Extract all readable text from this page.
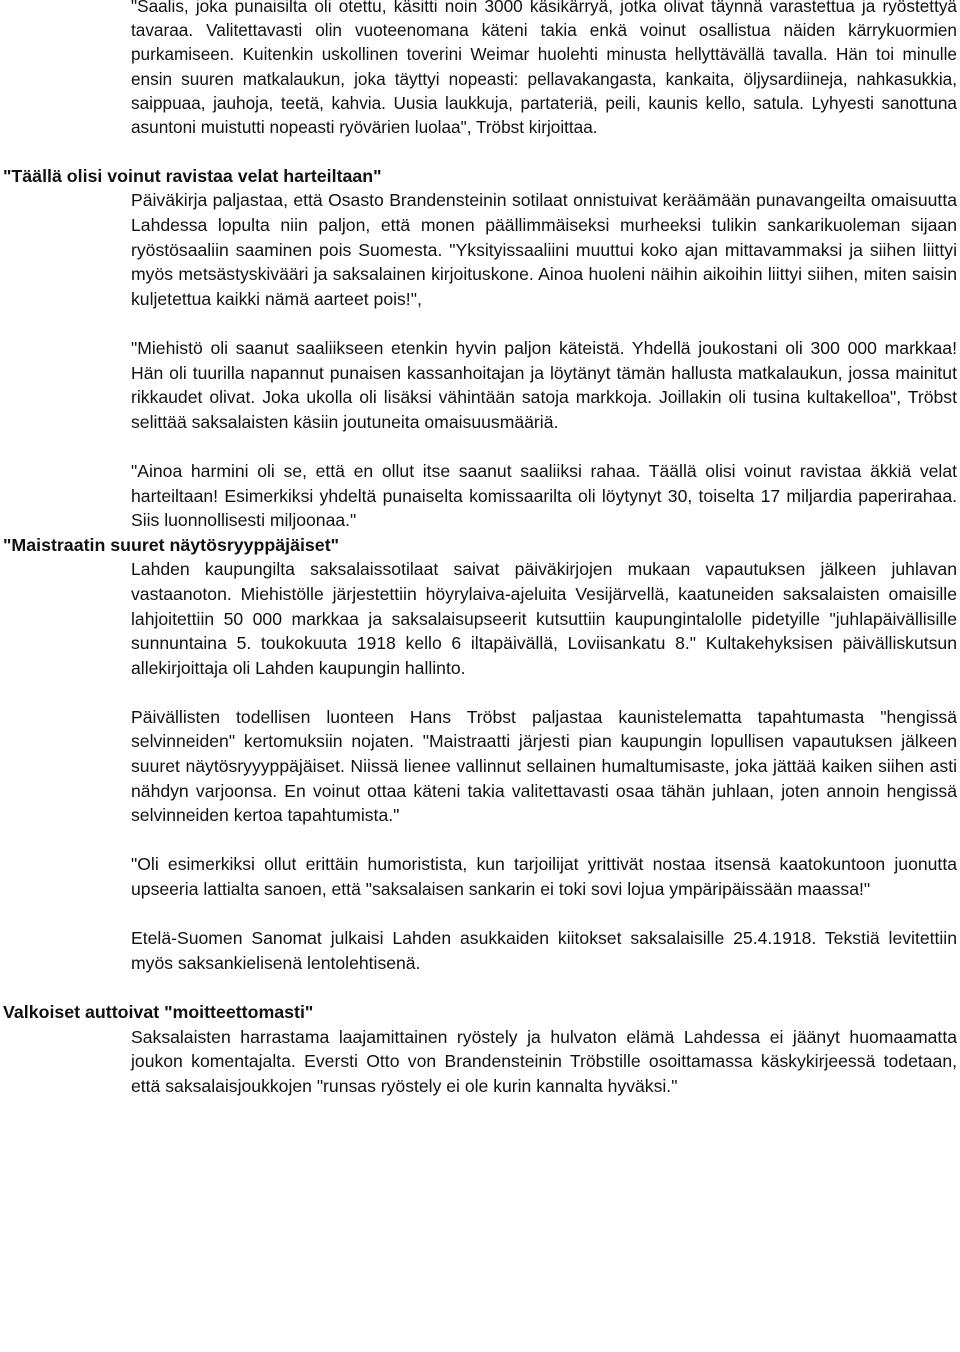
"Saalis, joka punaisilta oli otettu, käsitti noin 3000 käsikärryä, jotka olivat täynnä varastettua ja ryöstettyä tavaraa. Valitettavasti olin vuoteenomana käteni takia enkä voinut osallistua näiden kärrykuormien purkamiseen. Kuitenkin uskollinen toverini Weimar huolehti minusta hellyttävällä tavalla. Hän toi minulle ensin suuren matkalaukun, joka täyttyi nopeasti: pellavakangasta, kankaita, öljysardiineja, nahkasukkia, saippuaa, jauhoja, teetä, kahvia. Uusia laukkuja, partateriä, peili, kaunis kello, satula. Lyhyesti sanottuna asuntoni muistutti nopeasti ryövärien luolaa", Tröbst kirjoittaa.

"Täällä olisi voinut ravistaa velat harteiltaan"

Päiväkirja paljastaa, että Osasto Brandensteinin sotilaat onnistuivat keräämään punavangeilta omaisuutta Lahdessa lopulta niin paljon, että monen päällimmäiseksi murheeksi tulikin sankarikuoleman sijaan ryöstösaaliin saaminen pois Suomesta. "Yksityissaaliini muuttui koko ajan mittavammaksi ja siihen liittyi myös metsästyskivääri ja saksalainen kirjoituskone. Ainoa huoleni näihin aikoihin liittyi siihen, miten saisin kuljetettua kaikki nämä aarteet pois!",

"Miehistö oli saanut saaliikseen etenkin hyvin paljon käteistä. Yhdellä joukostani oli 300 000 markkaa! Hän oli tuurilla napannut punaisen kassanhoitajan ja löytänyt tämän hallusta matkalaukun, jossa mainitut rikkaudet olivat. Joka ukolla oli lisäksi vähintään satoja markkoja. Joillakin oli tusina kultakelloa", Tröbst selittää saksalaisten käsiin joutuneita omaisuusmääriä.

"Ainoa harmini oli se, että en ollut itse saanut saaliiksi rahaa. Täällä olisi voinut ravistaa äkkiä velat harteiltaan! Esimerkiksi yhdeltä punaiselta komissaarilta oli löytynyt 30, toiselta 17 miljardia paperirahaa. Siis luonnollisesti miljoonaa."

"Maistraatin suuret näytösryyppäjäiset"

Lahden kaupungilta saksalaissotilaat saivat päiväkirjojen mukaan vapautuksen jälkeen juhlavan vastaanoton. Miehistölle järjestettiin höyrylaiva-ajeluita Vesijärvellä, kaatuneiden saksalaisten omaisille lahjoitettiin 50 000 markkaa ja saksalaisupseerit kutsuttiin kaupungintalolle pidetyille "juhlapäivällisille sunnuntaina 5. toukokuuta 1918 kello 6 iltapäivällä, Loviisankatu 8." Kultakehyksisen päivälliskutsun allekirjoittaja oli Lahden kaupungin hallinto.

Päivällisten todellisen luonteen Hans Tröbst paljastaa kaunistelematta tapahtumasta "hengissä selvinneiden" kertomuksiin nojaten. "Maistraatti järjesti pian kaupungin lopullisen vapautuksen jälkeen suuret näytösryyyppäjäiset. Niissä lienee vallinnut sellainen humaltumisaste, joka jättää kaiken siihen asti nähdyn varjoonsa. En voinut ottaa käteni takia valitettavasti osaa tähän juhlaan, joten annoin hengissä selvinneiden kertoa tapahtumista."

"Oli esimerkiksi ollut erittäin humoristista, kun tarjoilijat yrittivät nostaa itsensä kaatokuntoon juonutta upseeria lattialta sanoen, että "saksalaisen sankarin ei toki sovi lojua ympäripäissään maassa!"

Etelä-Suomen Sanomat julkaisi Lahden asukkaiden kiitokset saksalaisille 25.4.1918. Tekstiä levitettiin myös saksankielisenä lentolehtisenä.

Valkoiset auttoivat "moitteettomasti"

Saksalaisten harrastama laajamittainen ryöstely ja hulvaton elämä Lahdessa ei jäänyt huomaamatta joukon komentajalta. Eversti Otto von Brandensteinin Tröbstille osoittamassa käskykirjeessä todetaan, että saksalaisjoukkojen "runsas ryöstely ei ole kurin kannalta hyväksi."
